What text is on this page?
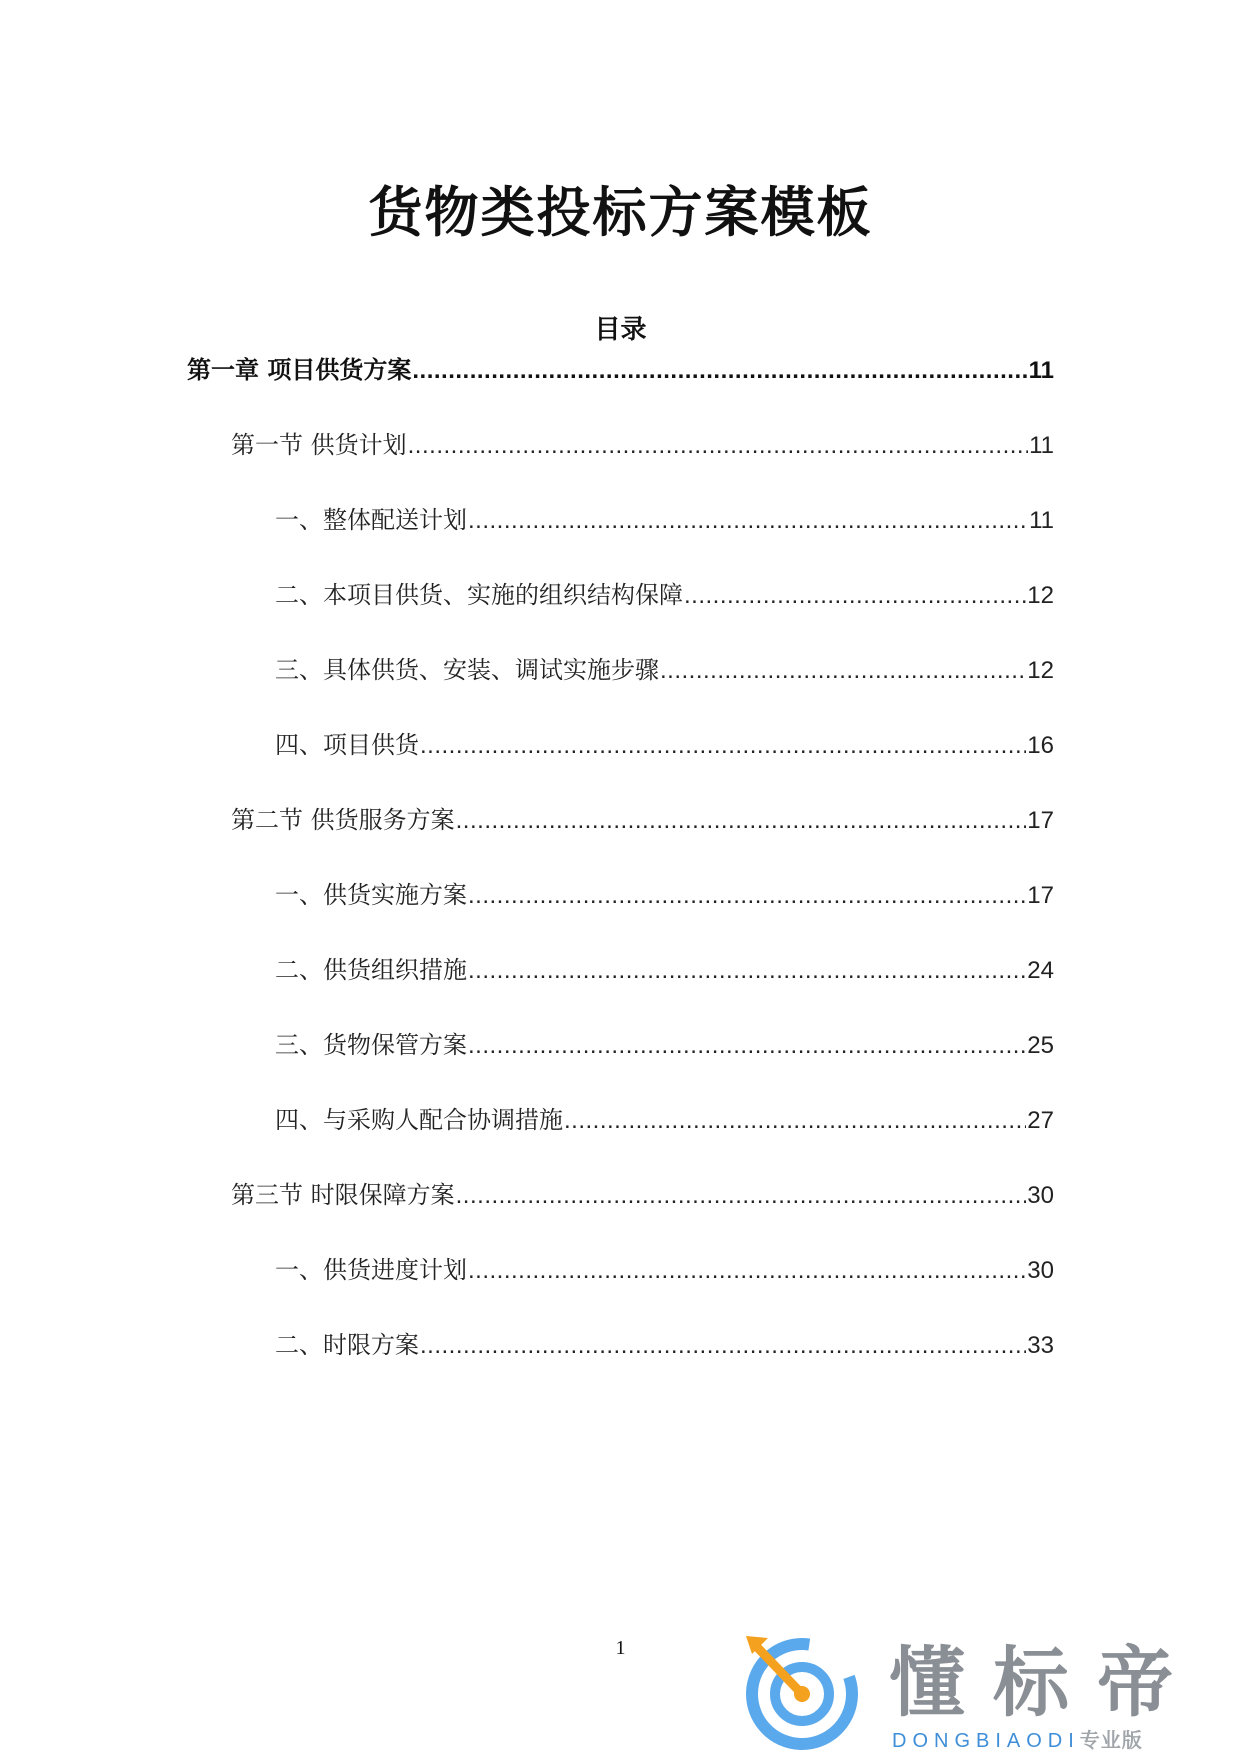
货物类投标方案模板
目录
第一章 项目供货方案 .....	11
第一节 供货计划 .....	11
一、整体配送计划 .....	11
二、本项目供货、实施的组织结构保障 .....	12
三、具体供货、安装、调试实施步骤 .....	12
四、项目供货 .....	16
第二节 供货服务方案 .....	17
一、供货实施方案 .....	17
二、供货组织措施 .....	24
三、货物保管方案 .....	25
四、与采购人配合协调措施 .....	27
第三节 时限保障方案 .....	30
一、供货进度计划 .....	30
二、时限方案 .....	33
1	懂标帝
DONGBIAODI专业版
